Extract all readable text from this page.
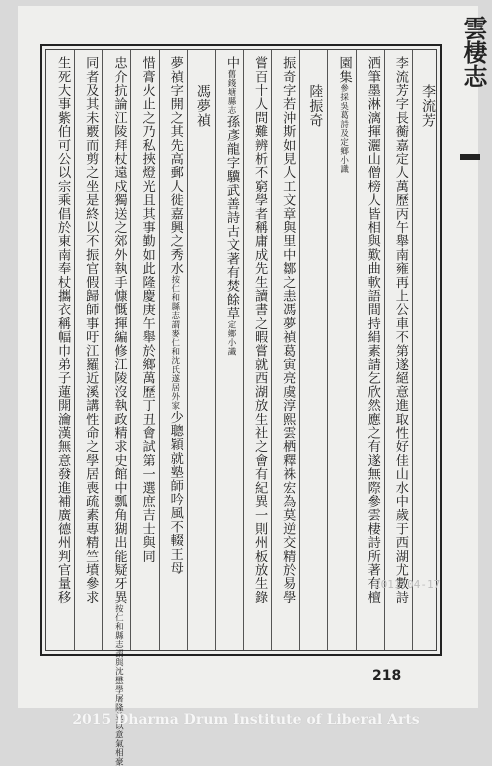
雲棲志
李流芳
李流芳字長蘅嘉定人萬歷丙午舉南雍再上公車不第遂絕意進取性好佳山水中歲于西湖尤數詩
洒筆墨淋漓揮灑山僧榜人皆相與歎曲軟語間持絹素請乞欣然應之有遂無際參雲棲詩所著有檀
園集參採吳葛詩及定鄉小識
陸振奇
振奇字若沖斯如見人工文章與里中鄒之恚馮夢禎葛寅亮虞淳熙雲栖釋袾宏為莫逆交精於易學
嘗百十人問難辨析不窮學者稱庸成先生讀書之暇嘗就西湖放生社之會有紀異一則州板放生錄
中舊錢塘縣志孫彥龍字驥武善詩古文著有焚餘草定鄉小識
馮夢禎
夢禎字開之其先高郵人徙嘉興之秀水按仁和縣志謂麥仁和沈氏遂居外家少聰穎就塾師吟風不輟王母
惜膏火止之乃私挾燈光且其事勤如此隆慶庚午舉於鄉萬歷丁丑會試第一選庶吉士與同
忠介抗論江陵拜杖遠戍獨送之郊外執手慷慨揮編修江陵沒執政精求史館中瓢角猢出能疑牙異按仁和縣志謂與沈懋學屠隆並以意氣相豪
同者及其未覈而剪之坐是終以不振官假歸師事吁江羅近溪講性命之學居喪疏素專精竺墳參求
生死大事紫伯可公以宗乘倡於東南奉杖攜衣稱幅巾弟子蓮開瀹漢無意發進補廣德州判官量移	2011-04-17
218
2015 Dharma Drum Institute of Liberal Arts
